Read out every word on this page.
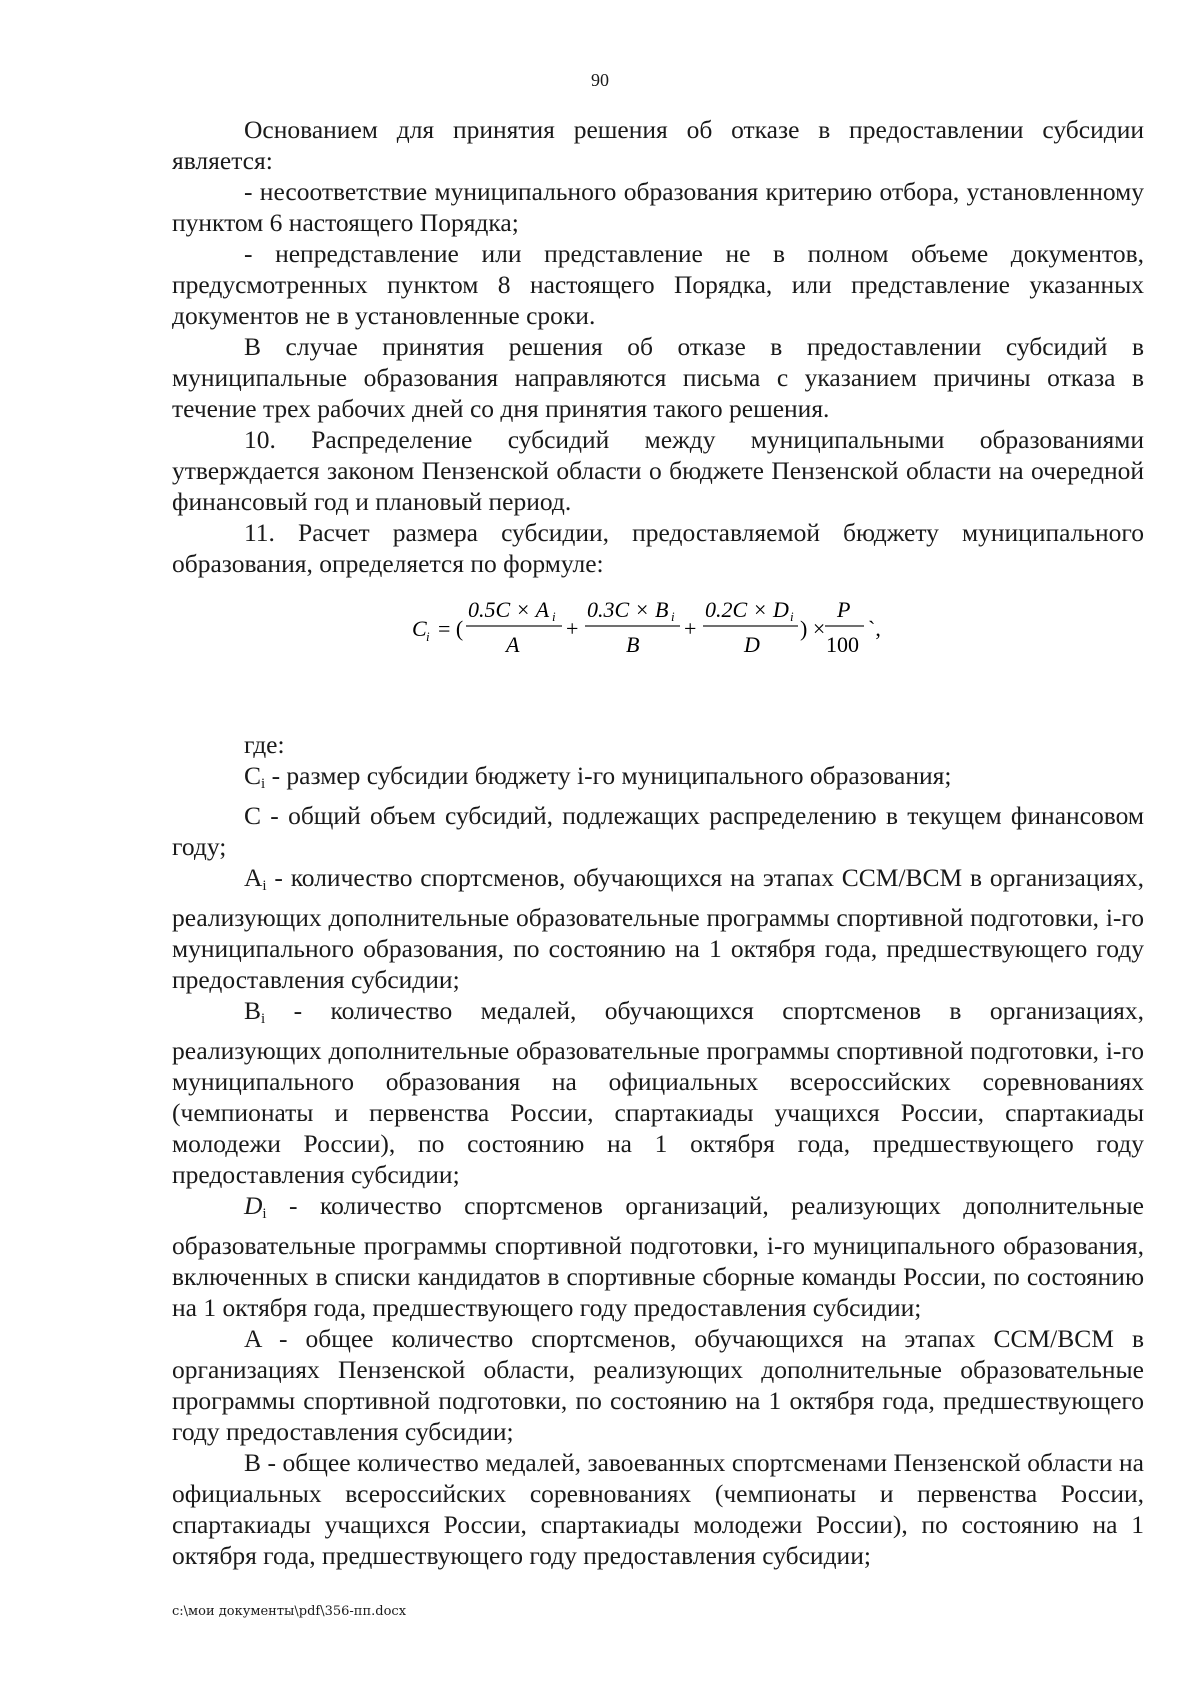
90

Основанием для принятия решения об отказе в предоставлении субсидии является:

- несоответствие муниципального образования критерию отбора, установленному пунктом 6 настоящего Порядка;

- непредставление или представление не в полном объеме документов, предусмотренных пунктом 8 настоящего Порядка, или представление указанных документов не в установленные сроки.

В случае принятия решения об отказе в предоставлении субсидий в муниципальные образования направляются письма с указанием причины отказа в течение трех рабочих дней со дня принятия такого решения.

10. Распределение субсидий между муниципальными образованиями утверждается законом Пензенской области о бюджете Пензенской области на очередной финансовый год и плановый период.

11. Расчет размера субсидии, предоставляемой бюджету муниципального образования, определяется по формуле:

C i = (
0.5C × A i
A
+
0.3C × B i
B
+
0.2C × D i
D
) ×
P
100
`,

где:

$C_i$ - размер субсидии бюджету i-го муниципального образования;

C - общий объем субсидий, подлежащих распределению в текущем финансовом году;

$A_i$ - количество спортсменов, обучающихся на этапах ССМ/ВСМ в организациях, реализующих дополнительные образовательные программы спортивной подготовки, i-го муниципального образования, по состоянию на 1 октября года, предшествующего году предоставления субсидии;

$B_i$ - количество медалей, обучающихся спортсменов в организациях, реализующих дополнительные образовательные программы спортивной подготовки, i-го муниципального образования на официальных всероссийских соревнованиях (чемпионаты и первенства России, спартакиады учащихся России, спартакиады молодежи России), по состоянию на 1 октября года, предшествующего году предоставления субсидии;

$D_i$ - количество спортсменов организаций, реализующих дополнительные образовательные программы спортивной подготовки, i-го муниципального образования, включенных в списки кандидатов в спортивные сборные команды России, по состоянию на 1 октября года, предшествующего году предоставления субсидии;

A - общее количество спортсменов, обучающихся на этапах ССМ/ВСМ в организациях Пензенской области, реализующих дополнительные образовательные программы спортивной подготовки, по состоянию на 1 октября года, предшествующего году предоставления субсидии;

B - общее количество медалей, завоеванных спортсменами Пензенской области на официальных всероссийских соревнованиях (чемпионаты и первенства России, спартакиады учащихся России, спартакиады молодежи России), по состоянию на 1 октября года, предшествующего году предоставления субсидии;

c:\мои документы\pdf\356-пп.docx
